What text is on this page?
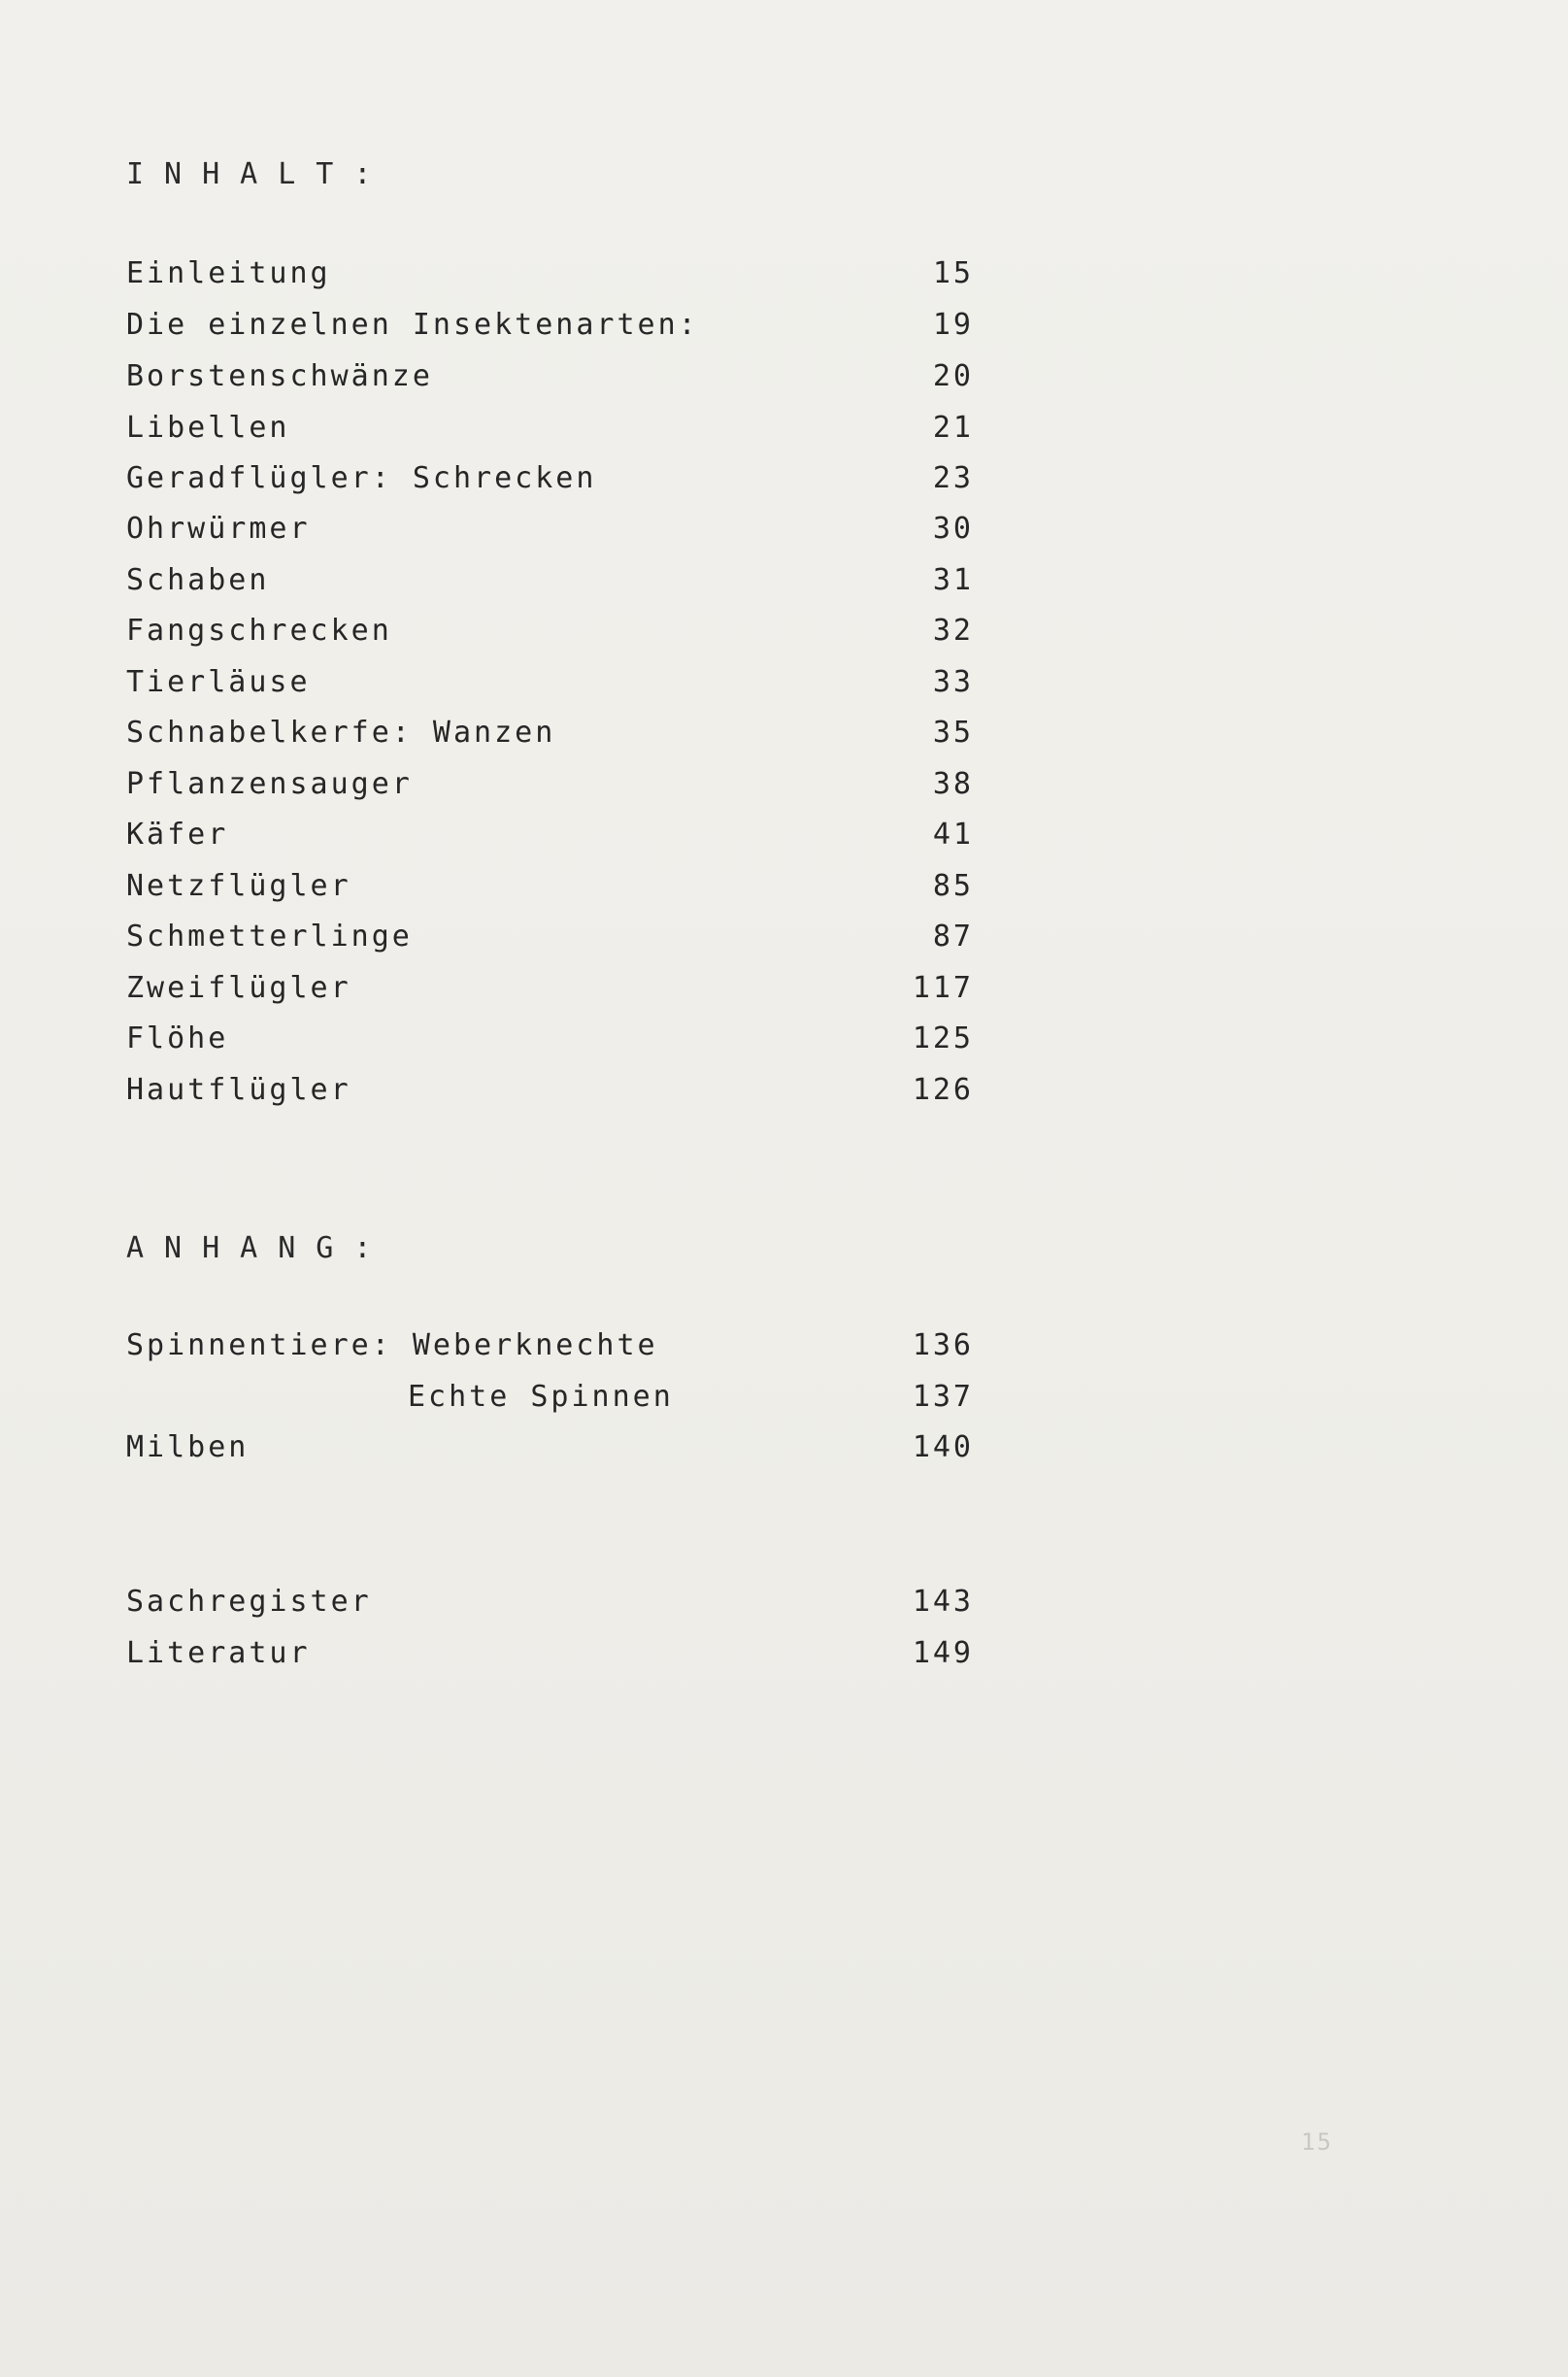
INHALT:
Einleitung	15
Die einzelnen Insektenarten:	19
Borstenschwänze	20
Libellen	21
Geradflügler: Schrecken	23
Ohrwürmer	30
Schaben	31
Fangschrecken	32
Tierläuse	33
Schnabelkerfe: Wanzen	35
Pflanzensauger	38
Käfer	41
Netzflügler	85
Schmetterlinge	87
Zweiflügler	117
Flöhe	125
Hautflügler	126
ANHANG:
Spinnentiere: Weberknechte	136
Echte Spinnen	137
Milben	140
Sachregister	143
Literatur	149
15
